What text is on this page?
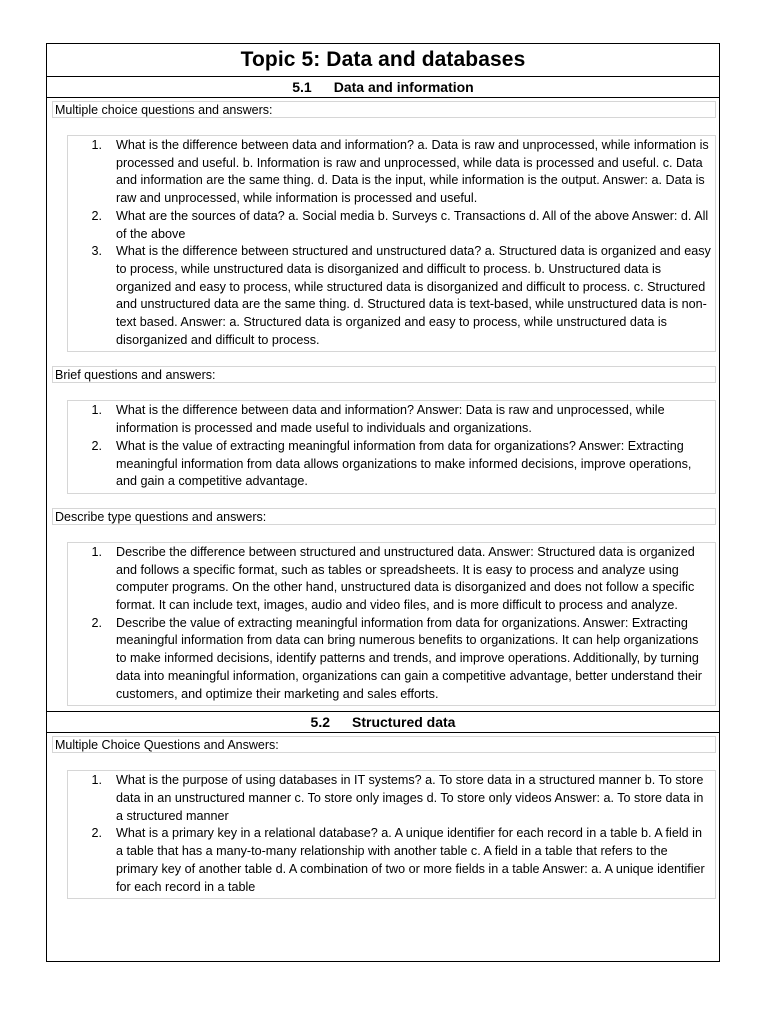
Topic 5: Data and databases
5.1 Data and information
Multiple choice questions and answers:
1.	What is the difference between data and information? a. Data is raw and unprocessed, while information is processed and useful. b. Information is raw and unprocessed, while data is processed and useful. c. Data and information are the same thing. d. Data is the input, while information is the output. Answer: a. Data is raw and unprocessed, while information is processed and useful.
2.	What are the sources of data? a. Social media b. Surveys c. Transactions d. All of the above Answer: d. All of the above
3.	What is the difference between structured and unstructured data? a. Structured data is organized and easy to process, while unstructured data is disorganized and difficult to process. b. Unstructured data is organized and easy to process, while structured data is disorganized and difficult to process. c. Structured and unstructured data are the same thing. d. Structured data is text-based, while unstructured data is non-text based. Answer: a. Structured data is organized and easy to process, while unstructured data is disorganized and difficult to process.
Brief questions and answers:
1.	What is the difference between data and information? Answer: Data is raw and unprocessed, while information is processed and made useful to individuals and organizations.
2.	What is the value of extracting meaningful information from data for organizations? Answer: Extracting meaningful information from data allows organizations to make informed decisions, improve operations, and gain a competitive advantage.
Describe type questions and answers:
1.	Describe the difference between structured and unstructured data. Answer: Structured data is organized and follows a specific format, such as tables or spreadsheets. It is easy to process and analyze using computer programs. On the other hand, unstructured data is disorganized and does not follow a specific format. It can include text, images, audio and video files, and is more difficult to process and analyze.
2.	Describe the value of extracting meaningful information from data for organizations. Answer: Extracting meaningful information from data can bring numerous benefits to organizations. It can help organizations to make informed decisions, identify patterns and trends, and improve operations. Additionally, by turning data into meaningful information, organizations can gain a competitive advantage, better understand their customers, and optimize their marketing and sales efforts.
5.2 Structured data
Multiple Choice Questions and Answers:
1.	What is the purpose of using databases in IT systems? a. To store data in a structured manner b. To store data in an unstructured manner c. To store only images d. To store only videos Answer: a. To store data in a structured manner
2.	What is a primary key in a relational database? a. A unique identifier for each record in a table b. A field in a table that has a many-to-many relationship with another table c. A field in a table that refers to the primary key of another table d. A combination of two or more fields in a table Answer: a. A unique identifier for each record in a table
